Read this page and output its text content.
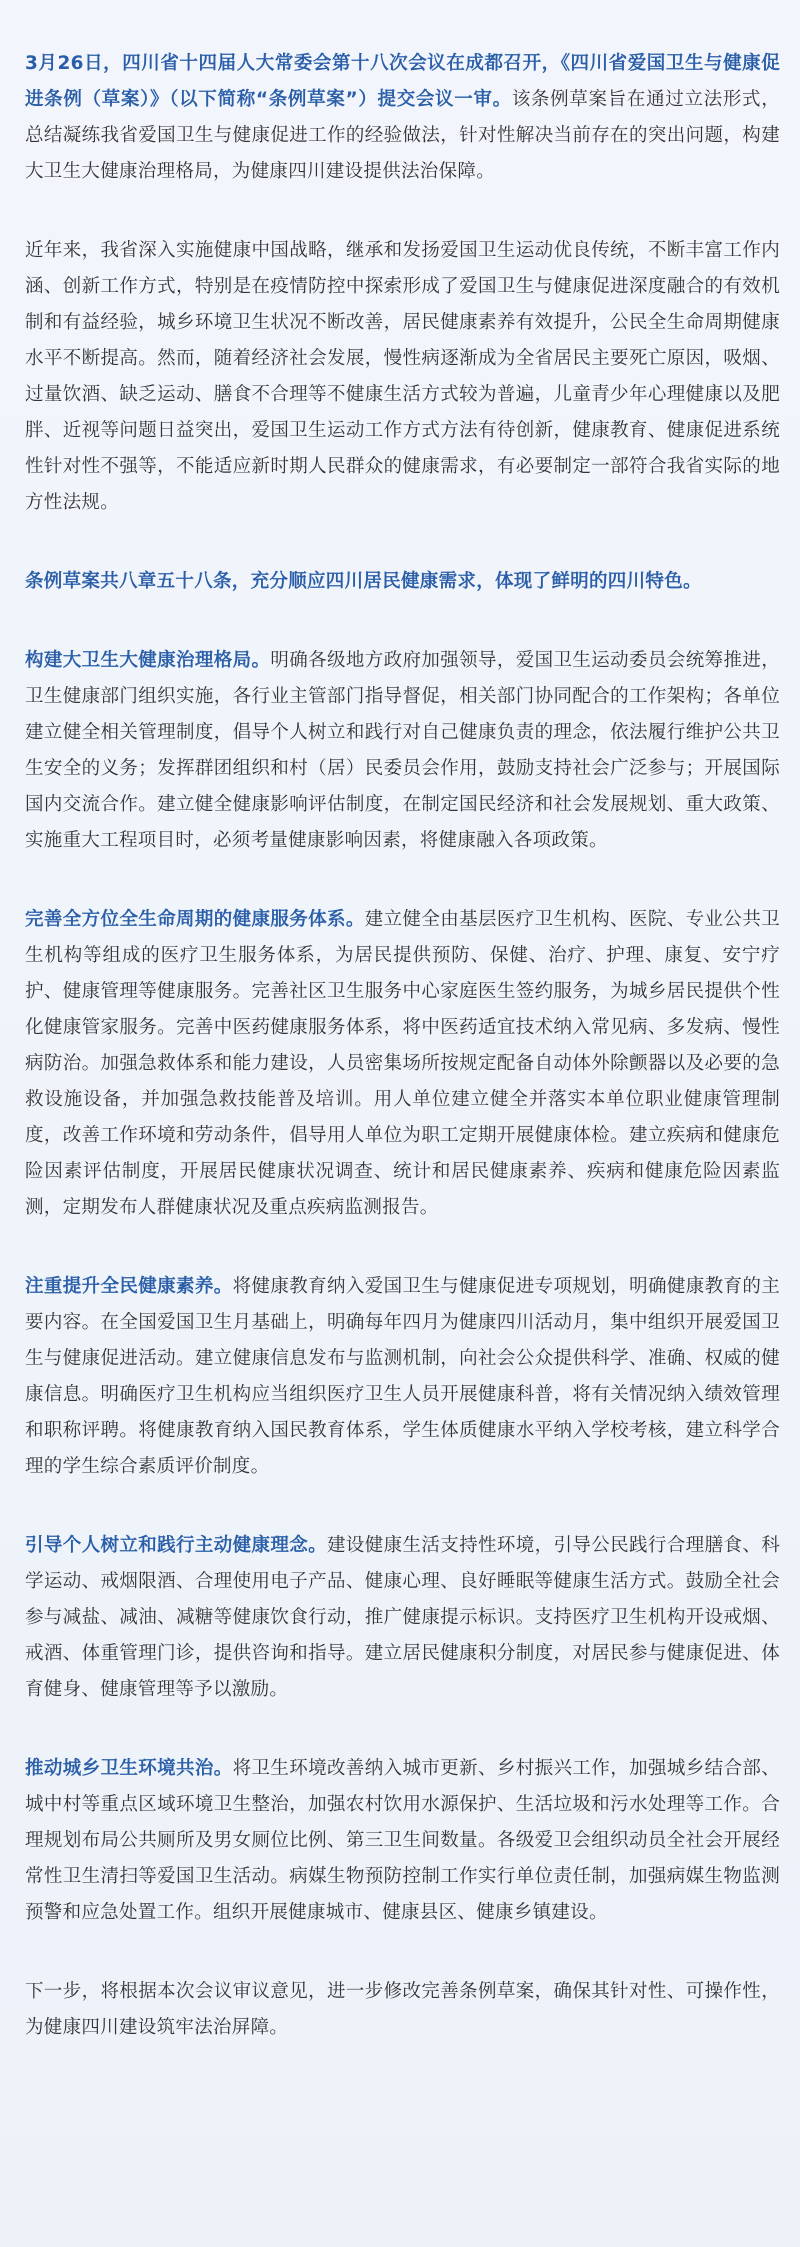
3月26日，四川省十四届人大常委会第十八次会议在成都召开，《四川省爱国卫生与健康促进条例（草案）》（以下简称“条例草案”）提交会议一审。该条例草案旨在通过立法形式，总结凝练我省爱国卫生与健康促进工作的经验做法，针对性解决当前存在的突出问题，构建大卫生大健康治理格局，为健康四川建设提供法治保障。

近年来，我省深入实施健康中国战略，继承和发扬爱国卫生运动优良传统，不断丰富工作内涵、创新工作方式，特别是在疫情防控中探索形成了爱国卫生与健康促进深度融合的有效机制和有益经验，城乡环境卫生状况不断改善，居民健康素养有效提升，公民全生命周期健康水平不断提高。然而，随着经济社会发展，慢性病逐渐成为全省居民主要死亡原因，吸烟、过量饮酒、缺乏运动、膳食不合理等不健康生活方式较为普遍，儿童青少年心理健康以及肥胖、近视等问题日益突出，爱国卫生运动工作方式方法有待创新，健康教育、健康促进系统性针对性不强等，不能适应新时期人民群众的健康需求，有必要制定一部符合我省实际的地方性法规。

条例草案共八章五十八条，充分顺应四川居民健康需求，体现了鲜明的四川特色。

构建大卫生大健康治理格局。明确各级地方政府加强领导，爱国卫生运动委员会统筹推进，卫生健康部门组织实施，各行业主管部门指导督促，相关部门协同配合的工作架构；各单位建立健全相关管理制度，倡导个人树立和践行对自己健康负责的理念，依法履行维护公共卫生安全的义务；发挥群团组织和村（居）民委员会作用，鼓励支持社会广泛参与；开展国际国内交流合作。建立健全健康影响评估制度，在制定国民经济和社会发展规划、重大政策、实施重大工程项目时，必须考量健康影响因素，将健康融入各项政策。

完善全方位全生命周期的健康服务体系。建立健全由基层医疗卫生机构、医院、专业公共卫生机构等组成的医疗卫生服务体系，为居民提供预防、保健、治疗、护理、康复、安宁疗护、健康管理等健康服务。完善社区卫生服务中心家庭医生签约服务，为城乡居民提供个性化健康管家服务。完善中医药健康服务体系，将中医药适宜技术纳入常见病、多发病、慢性病防治。加强急救体系和能力建设，人员密集场所按规定配备自动体外除颤器以及必要的急救设施设备，并加强急救技能普及培训。用人单位建立健全并落实本单位职业健康管理制度，改善工作环境和劳动条件，倡导用人单位为职工定期开展健康体检。建立疾病和健康危险因素评估制度，开展居民健康状况调查、统计和居民健康素养、疾病和健康危险因素监测，定期发布人群健康状况及重点疾病监测报告。

注重提升全民健康素养。将健康教育纳入爱国卫生与健康促进专项规划，明确健康教育的主要内容。在全国爱国卫生月基础上，明确每年四月为健康四川活动月，集中组织开展爱国卫生与健康促进活动。建立健康信息发布与监测机制，向社会公众提供科学、准确、权威的健康信息。明确医疗卫生机构应当组织医疗卫生人员开展健康科普，将有关情况纳入绩效管理和职称评聘。将健康教育纳入国民教育体系，学生体质健康水平纳入学校考核，建立科学合理的学生综合素质评价制度。

引导个人树立和践行主动健康理念。建设健康生活支持性环境，引导公民践行合理膳食、科学运动、戒烟限酒、合理使用电子产品、健康心理、良好睡眠等健康生活方式。鼓励全社会参与减盐、减油、减糖等健康饮食行动，推广健康提示标识。支持医疗卫生机构开设戒烟、戒酒、体重管理门诊，提供咨询和指导。建立居民健康积分制度，对居民参与健康促进、体育健身、健康管理等予以激励。

推动城乡卫生环境共治。将卫生环境改善纳入城市更新、乡村振兴工作，加强城乡结合部、城中村等重点区域环境卫生整治，加强农村饮用水源保护、生活垃圾和污水处理等工作。合理规划布局公共厕所及男女厕位比例、第三卫生间数量。各级爱卫会组织动员全社会开展经常性卫生清扫等爱国卫生活动。病媒生物预防控制工作实行单位责任制，加强病媒生物监测预警和应急处置工作。组织开展健康城市、健康县区、健康乡镇建设。

下一步，将根据本次会议审议意见，进一步修改完善条例草案，确保其针对性、可操作性，为健康四川建设筑牢法治屏障。
